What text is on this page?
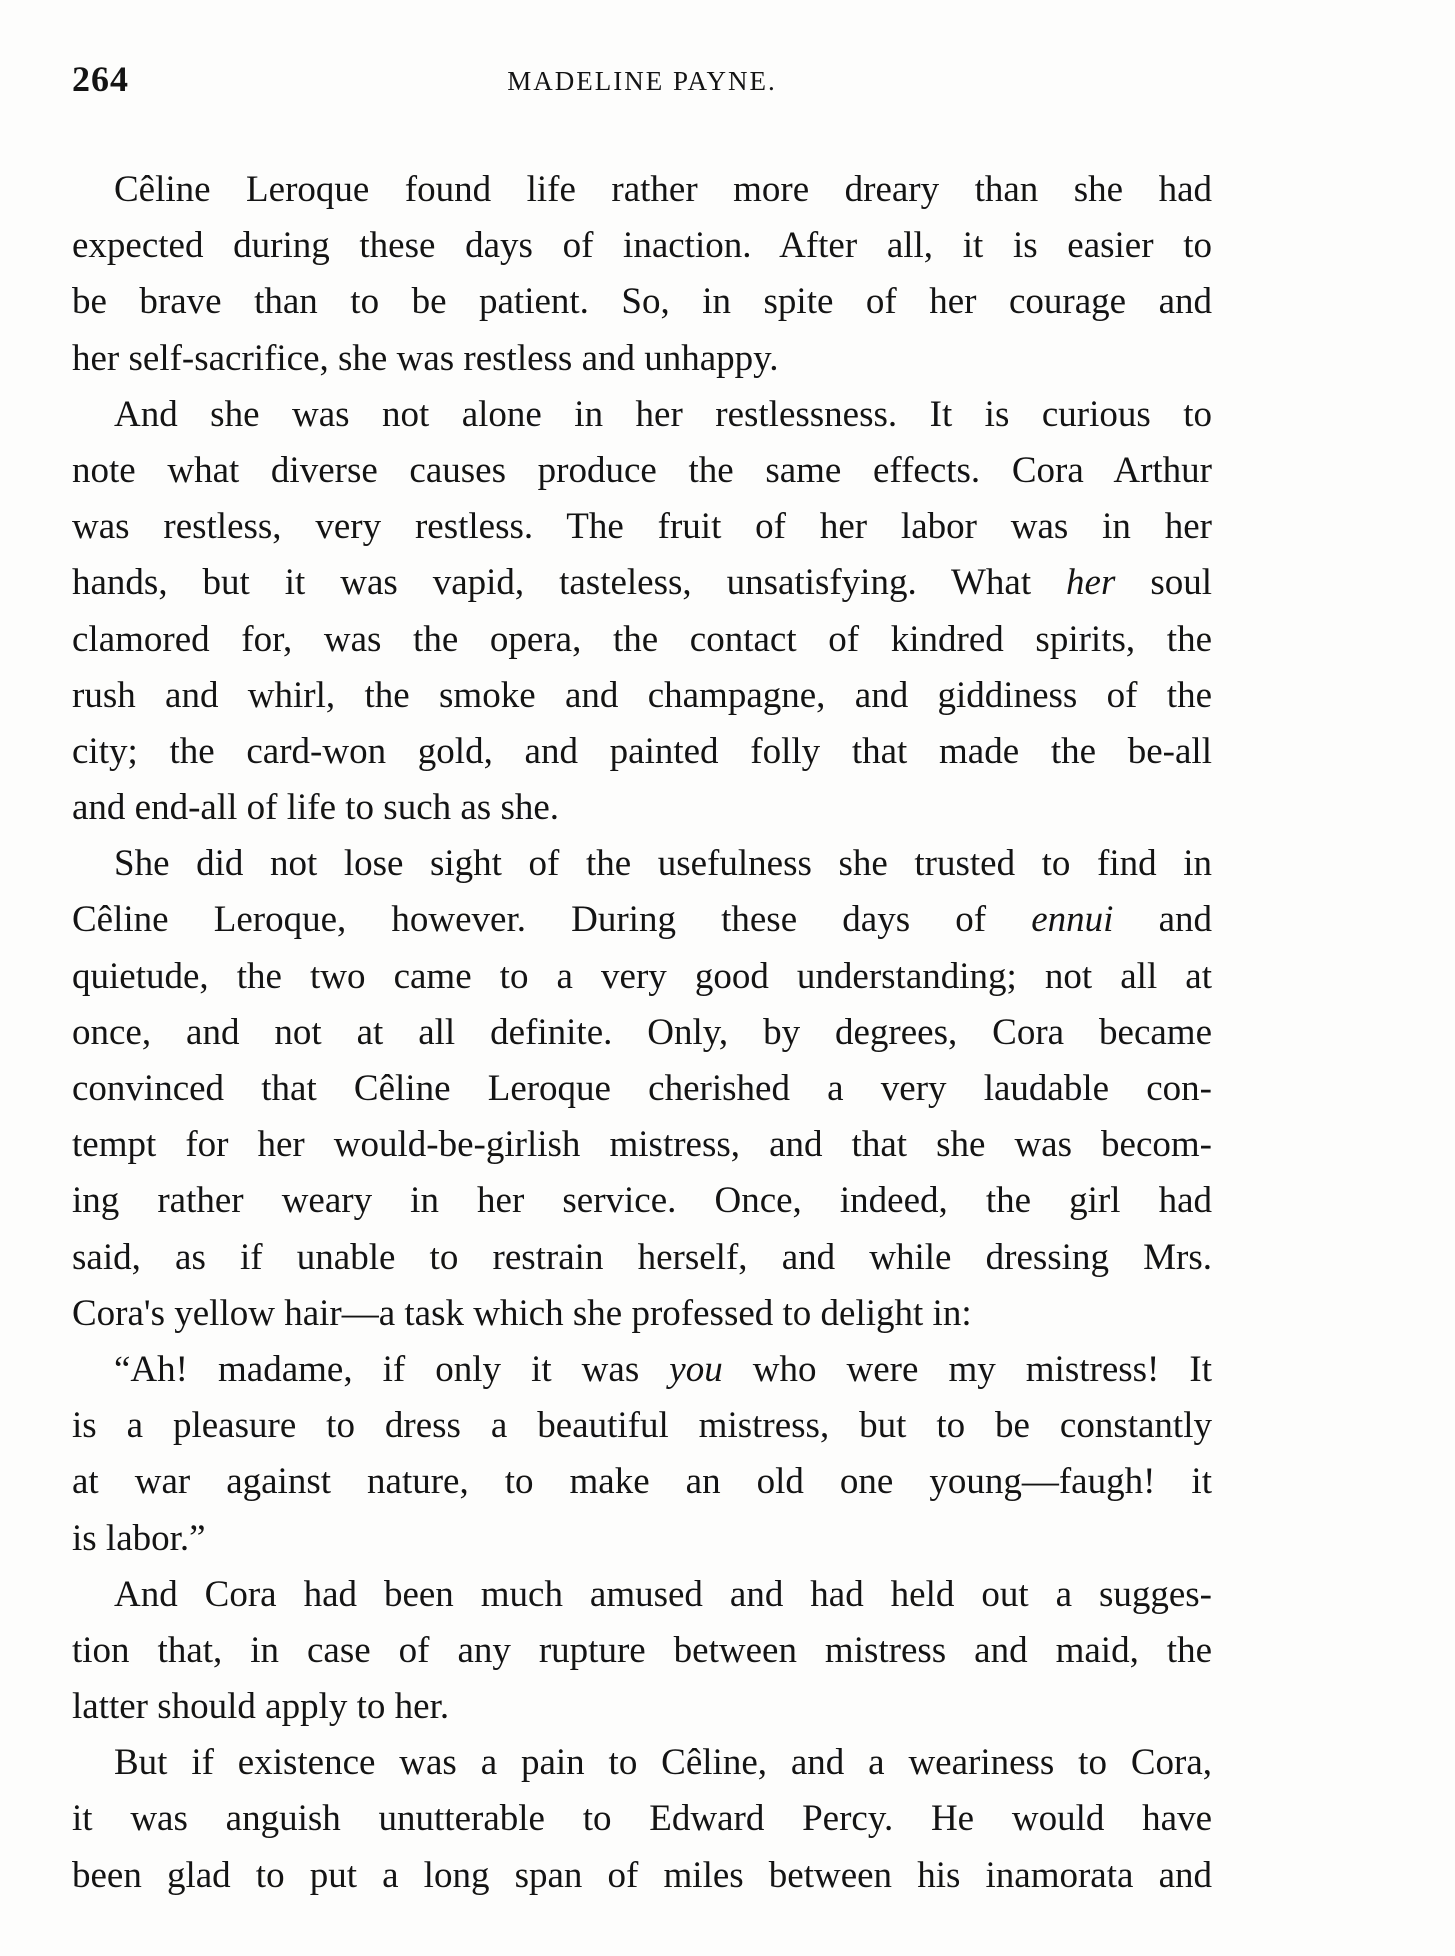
264	MADELINE PAYNE.
Cêline Leroque found life rather more dreary than she had
expected during these days of inaction. After all, it is easier to
be brave than to be patient. So, in spite of her courage and
her self-sacrifice, she was restless and unhappy.
And she was not alone in her restlessness. It is curious to
note what diverse causes produce the same effects. Cora Arthur
was restless, very restless. The fruit of her labor was in her
hands, but it was vapid, tasteless, unsatisfying. What her soul
clamored for, was the opera, the contact of kindred spirits, the
rush and whirl, the smoke and champagne, and giddiness of the
city; the card-won gold, and painted folly that made the be-all
and end-all of life to such as she.
She did not lose sight of the usefulness she trusted to find in
Cêline Leroque, however. During these days of ennui and
quietude, the two came to a very good understanding; not all at
once, and not at all definite. Only, by degrees, Cora became
convinced that Cêline Leroque cherished a very laudable con-
tempt for her would-be-girlish mistress, and that she was becom-
ing rather weary in her service. Once, indeed, the girl had
said, as if unable to restrain herself, and while dressing Mrs.
Cora's yellow hair—a task which she professed to delight in:
“Ah! madame, if only it was you who were my mistress! It
is a pleasure to dress a beautiful mistress, but to be constantly
at war against nature, to make an old one young—faugh! it
is labor.”
And Cora had been much amused and had held out a sugges-
tion that, in case of any rupture between mistress and maid, the
latter should apply to her.
But if existence was a pain to Cêline, and a weariness to Cora,
it was anguish unutterable to Edward Percy. He would have
been glad to put a long span of miles between his inamorata and
